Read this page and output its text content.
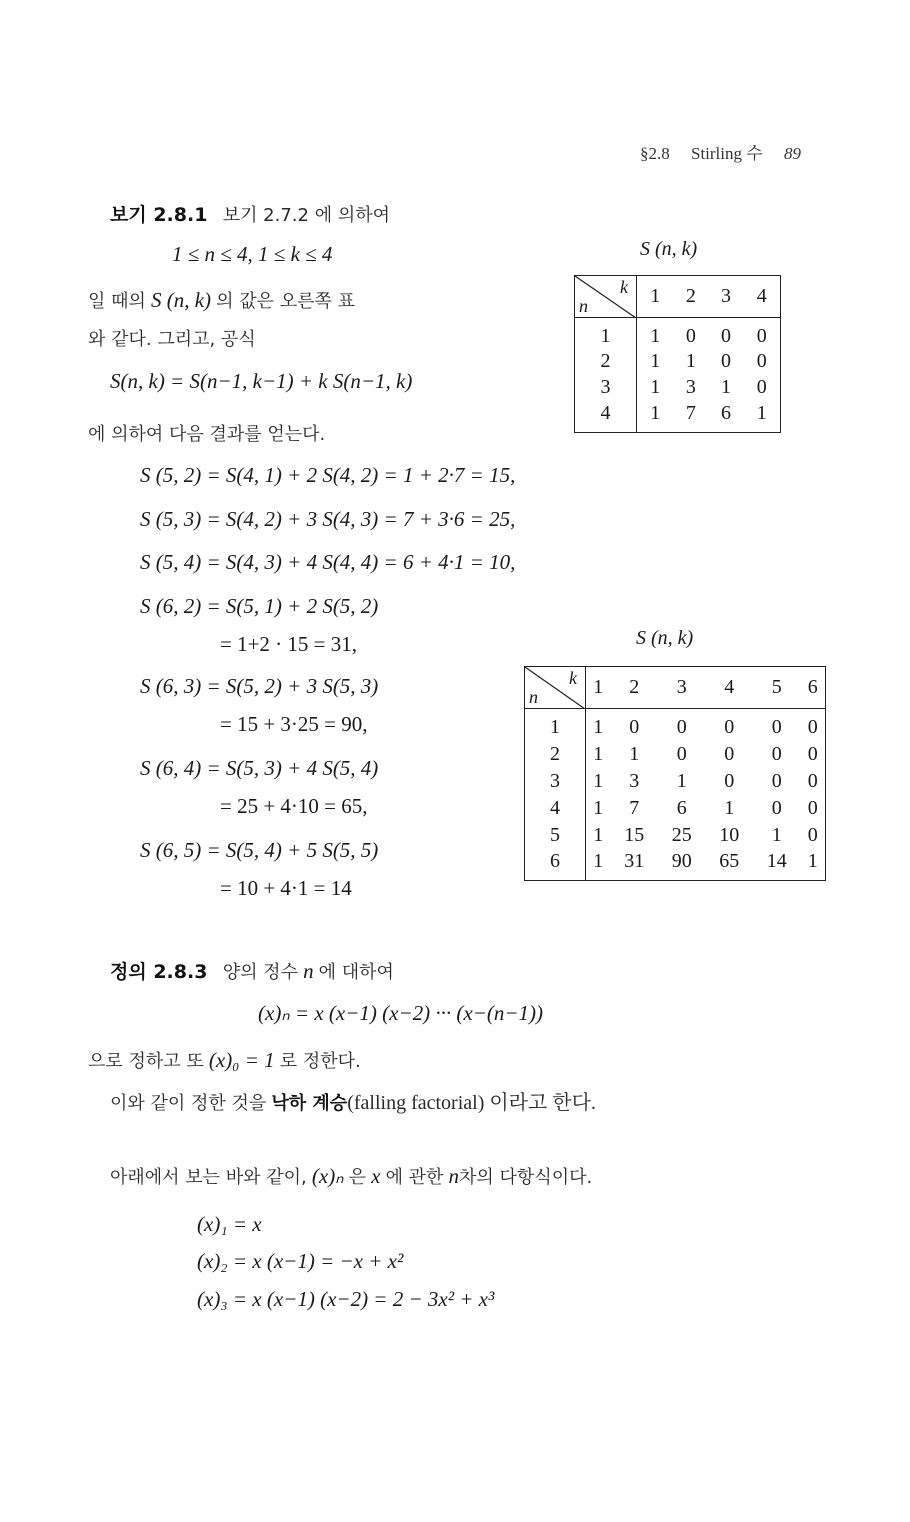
§2.8 Stirling 수 89
보기 2.8.1 보기 2.7.2 에 의하여
1 ≤ n ≤ 4, 1 ≤ k ≤ 4
일 때의 S (n, k) 의 값은 오른쪽 표
와 같다. 그리고, 공식
S(n, k) = S(n−1, k−1) + k S(n−1, k)
에 의하여 다음 결과를 얻는다.
S (5, 2) = S(4, 1) + 2 S(4, 2) = 1 + 2·7 = 15,
S (5, 3) = S(4, 2) + 3 S(4, 3) = 7 + 3·6 = 25,
S (5, 4) = S(4, 3) + 4 S(4, 4) = 6 + 4·1 = 10,
S (6, 2) = S(5, 1) + 2 S(5, 2)
= 1+2 · 15 = 31,
S (6, 3) = S(5, 2) + 3 S(5, 3)
= 15 + 3·25 = 90,
S (6, 4) = S(5, 3) + 4 S(5, 4)
= 25 + 4·10 = 65,
S (6, 5) = S(5, 4) + 5 S(5, 5)
= 10 + 4·1 = 14
S (n, k)
k
n	1	2	3	4
1	1	0	0	0
2	1	1	0	0
3	1	3	1	0
4	1	7	6	1
S (n, k)
k
n	1	2	3	4	5	6
1	1	0	0	0	0	0
2	1	1	0	0	0	0
3	1	3	1	0	0	0
4	1	7	6	1	0	0
5	1	15	25	10	1	0
6	1	31	90	65	14	1
정의 2.8.3 양의 정수 n 에 대하여
(x)ₙ = x (x−1) (x−2) ··· (x−(n−1))
으로 정하고 또 (x)₀ = 1 로 정한다.
이와 같이 정한 것을 낙하 계승(falling factorial) 이라고 한다.
아래에서 보는 바와 같이, (x)ₙ 은 x 에 관한 n차의 다항식이다.
(x)₁ = x
(x)₂ = x (x−1) = −x + x²
(x)₃ = x (x−1) (x−2) = 2 − 3x² + x³
